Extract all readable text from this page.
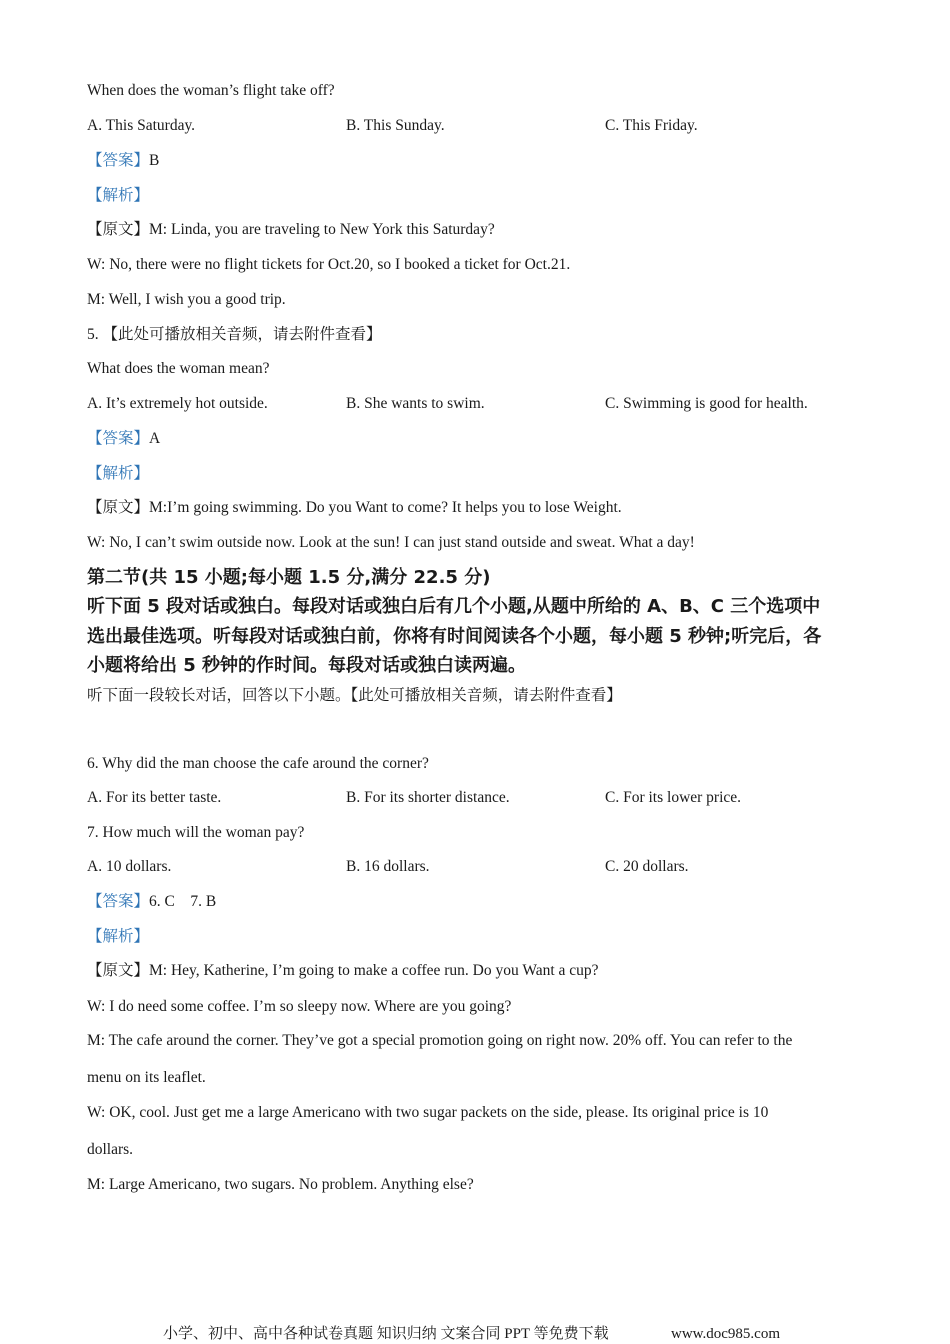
When does the woman’s flight take off?
A. This Saturday.	B. This Sunday.	C. This Friday.
【答案】B
【解析】
【原文】M: Linda, you are traveling to New York this Saturday?
W: No, there were no flight tickets for Oct.20, so I booked a ticket for Oct.21.
M: Well, I wish you a good trip.
5. 【此处可播放相关音频，请去附件查看】
What does the woman mean?
A. It’s extremely hot outside.	B. She wants to swim.	C. Swimming is good for health.
【答案】A
【解析】
【原文】M:I’m going swimming. Do you Want to come? It helps you to lose Weight.
W: No, I can’t swim outside now. Look at the sun! I can just stand outside and sweat. What a day!
第二节(共 15 小题;每小题 1.5 分,满分 22.5 分)
听下面 5 段对话或独白。每段对话或独白后有几个小题,从题中所给的 A、B、C 三个选项中
选出最佳选项。听每段对话或独白前，你将有时间阅读各个小题，每小题 5 秒钟;听完后，各
小题将给出 5 秒钟的作时间。每段对话或独白读两遍。
听下面一段较长对话，回答以下小题。【此处可播放相关音频，请去附件查看】
6. Why did the man choose the cafe around the corner?
A. For its better taste.	B. For its shorter distance.	C. For its lower price.
7. How much will the woman pay?
A. 10 dollars.	B. 16 dollars.	C. 20 dollars.
【答案】6. C    7. B
【解析】
【原文】M: Hey, Katherine, I’m going to make a coffee run. Do you Want a cup?
W: I do need some coffee. I’m so sleepy now. Where are you going?
M: The cafe around the corner. They’ve got a special promotion going on right now. 20% off. You can refer to the
menu on its leaflet.
W: OK, cool. Just get me a large Americano with two sugar packets on the side, please. Its original price is 10
dollars.
M: Large Americano, two sugars. No problem. Anything else?
小学、初中、高中各种试卷真题 知识归纳 文案合同 PPT 等免费下载	www.doc985.com
